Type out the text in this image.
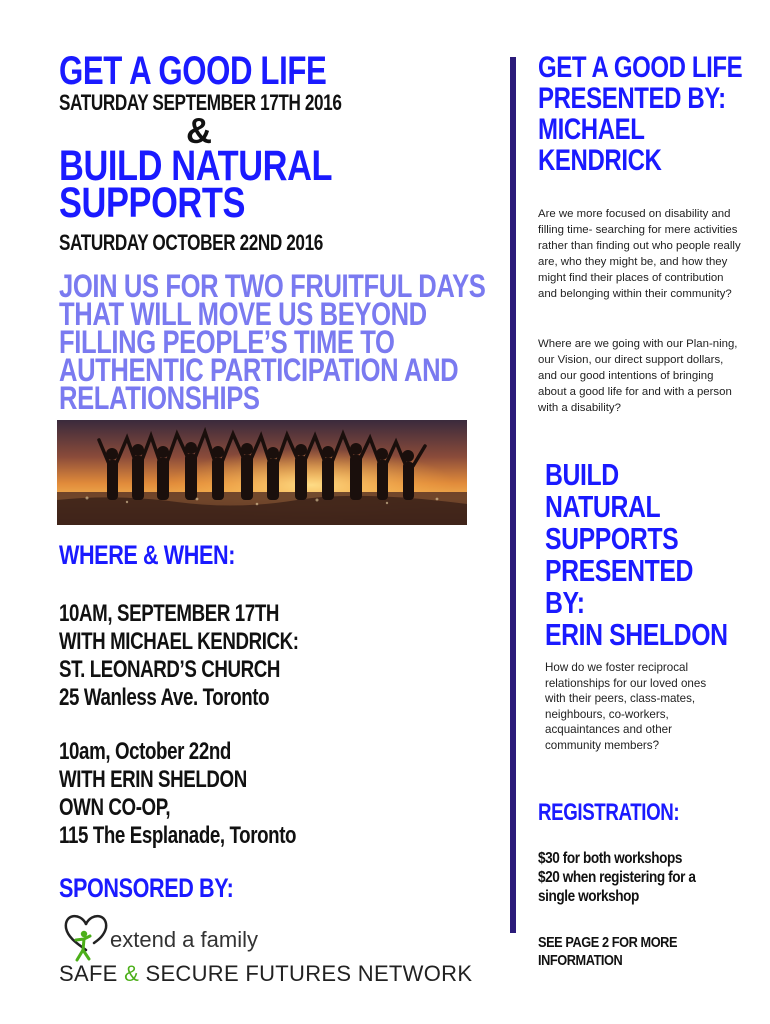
GET A GOOD LIFE
SATURDAY SEPTEMBER 17TH 2016
&
BUILD NATURAL
SUPPORTS
SATURDAY OCTOBER 22ND 2016
JOIN US FOR TWO FRUITFUL DAYS
THAT WILL MOVE US BEYOND
FILLING PEOPLE’S TIME TO
AUTHENTIC PARTICIPATION AND
RELATIONSHIPS
WHERE & WHEN:
10AM, SEPTEMBER 17TH
WITH MICHAEL KENDRICK:
ST. LEONARD’S CHURCH
25 Wanless Ave. Toronto
10am, October 22nd
WITH ERIN SHELDON
OWN CO-OP,
115 The Esplanade, Toronto
SPONSORED BY:
extend a family
SAFE & SECURE FUTURES NETWORK
GET A GOOD LIFE
PRESENTED BY:
MICHAEL
KENDRICK
Are we more focused on disability and filling time- searching for mere activities rather than finding out who people really are, who they might be, and how they might find their places of contribution and belonging within their community?
Where are we going with our Plan-ning, our Vision, our direct support dollars, and our good intentions of bringing about a good life for and with a person with a disability?
BUILD
NATURAL
SUPPORTS
PRESENTED
BY:
ERIN SHELDON
How do we foster reciprocal relationships for our loved ones with their peers, class-mates, neighbours, co-workers, acquaintances and other community members?
REGISTRATION:
$30 for both workshops
$20 when registering for a
single workshop
SEE PAGE 2 FOR MORE
INFORMATION
